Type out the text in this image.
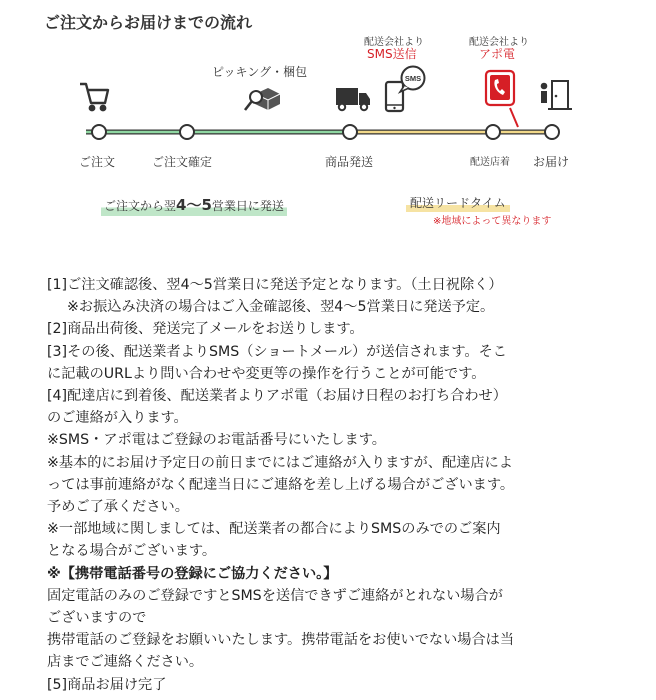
ご注文からお届けまでの流れ
SMS
ピッキング・梱包
配送会社より
SMS送信
配送会社より
アポ電
ご注文	ご注文確定	商品発送	配送店着 お届け
ご注文から翌4～5営業日に発送	配送リードタイム
※地域によって異なります
[1]ご注文確認後、翌4～5営業日に発送予定となります。（土日祝除く）
※お振込み決済の場合はご入金確認後、翌4～5営業日に発送予定。
[2]商品出荷後、発送完了メールをお送りします。
[3]その後、配送業者よりSMS（ショートメール）が送信されます。そこ
に記載のURLより問い合わせや変更等の操作を行うことが可能です。
[4]配達店に到着後、配送業者よりアポ電（お届け日程のお打ち合わせ）
のご連絡が入ります。
※SMS・アポ電はご登録のお電話番号にいたします。
※基本的にお届け予定日の前日までにはご連絡が入りますが、配達店によ
っては事前連絡がなく配達当日にご連絡を差し上げる場合がございます。
予めご了承ください。
※一部地域に関しましては、配送業者の都合によりSMSのみでのご案内
となる場合がございます。
※【携帯電話番号の登録にご協力ください。】
固定電話のみのご登録ですとSMSを送信できずご連絡がとれない場合が
ございますので
携帯電話のご登録をお願いいたします。携帯電話をお使いでない場合は当
店までご連絡ください。
[5]商品お届け完了
